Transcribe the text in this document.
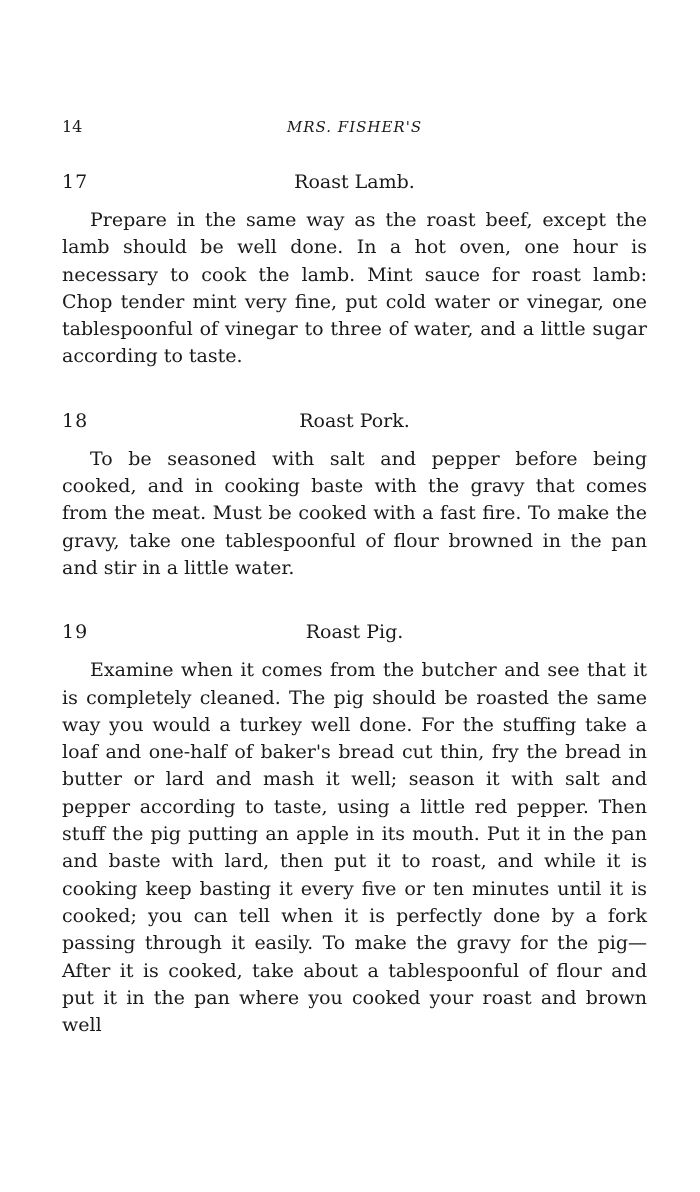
14	MRS. FISHER'S
17	Roast Lamb.

Prepare in the same way as the roast beef, except the lamb should be well done. In a hot oven, one hour is necessary to cook the lamb. Mint sauce for roast lamb: Chop tender mint very fine, put cold water or vinegar, one tablespoonful of vinegar to three of water, and a little sugar according to taste.

18	Roast Pork.

To be seasoned with salt and pepper before being cooked, and in cooking baste with the gravy that comes from the meat. Must be cooked with a fast fire. To make the gravy, take one tablespoonful of flour browned in the pan and stir in a little water.

19	Roast Pig.

Examine when it comes from the butcher and see that it is completely cleaned. The pig should be roasted the same way you would a turkey well done. For the stuffing take a loaf and one-half of baker's bread cut thin, fry the bread in butter or lard and mash it well; season it with salt and pepper according to taste, using a little red pepper. Then stuff the pig putting an apple in its mouth. Put it in the pan and baste with lard, then put it to roast, and while it is cooking keep basting it every five or ten minutes until it is cooked; you can tell when it is perfectly done by a fork passing through it easily. To make the gravy for the pig—After it is cooked, take about a tablespoonful of flour and put it in the pan where you cooked your roast and brown well
